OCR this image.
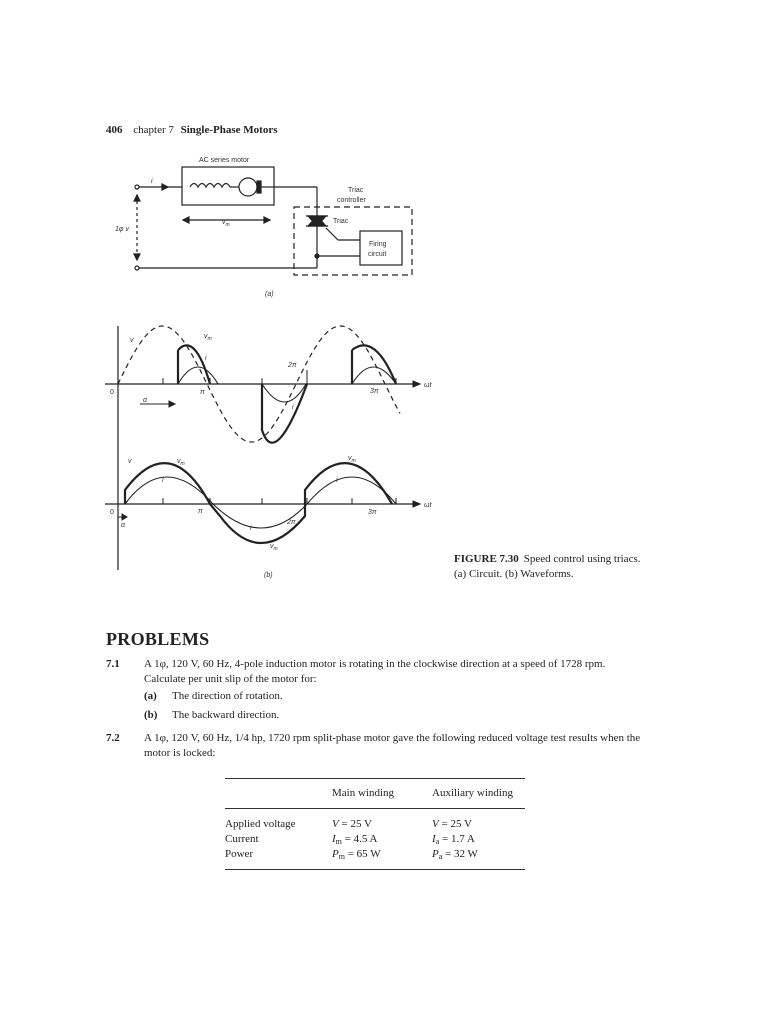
406 chapter 7 Single-Phase Motors
AC series motor
i
$v_m$
1φ v
Triac
controller
Triac
Firing
circuit
(a)
v
$v_m$
i
i
π
2π
3π
ωt
0
α
v	$v_m$
$v_m$
$v_m$
i
i
i
π
2π
3π
ωt
0
α
(b)
FIGURE 7.30 Speed control using triacs. (a) Circuit. (b) Waveforms.
PROBLEMS
7.1 A 1φ, 120 V, 60 Hz, 4-pole induction motor is rotating in the clockwise direction at a speed of 1728 rpm. Calculate per unit slip of the motor for:
(a) The direction of rotation.
(b) The backward direction.
7.2 A 1φ, 120 V, 60 Hz, 1/4 hp, 1720 rpm split-phase motor gave the following reduced voltage test results when the motor is locked:
	Main winding	Auxiliary winding
Applied voltage	V = 25 V	V = 25 V
Current	$I_m = 4.5$ A	$I_a = 1.7$ A
Power	$P_m = 65$ W	$P_a = 32$ W
